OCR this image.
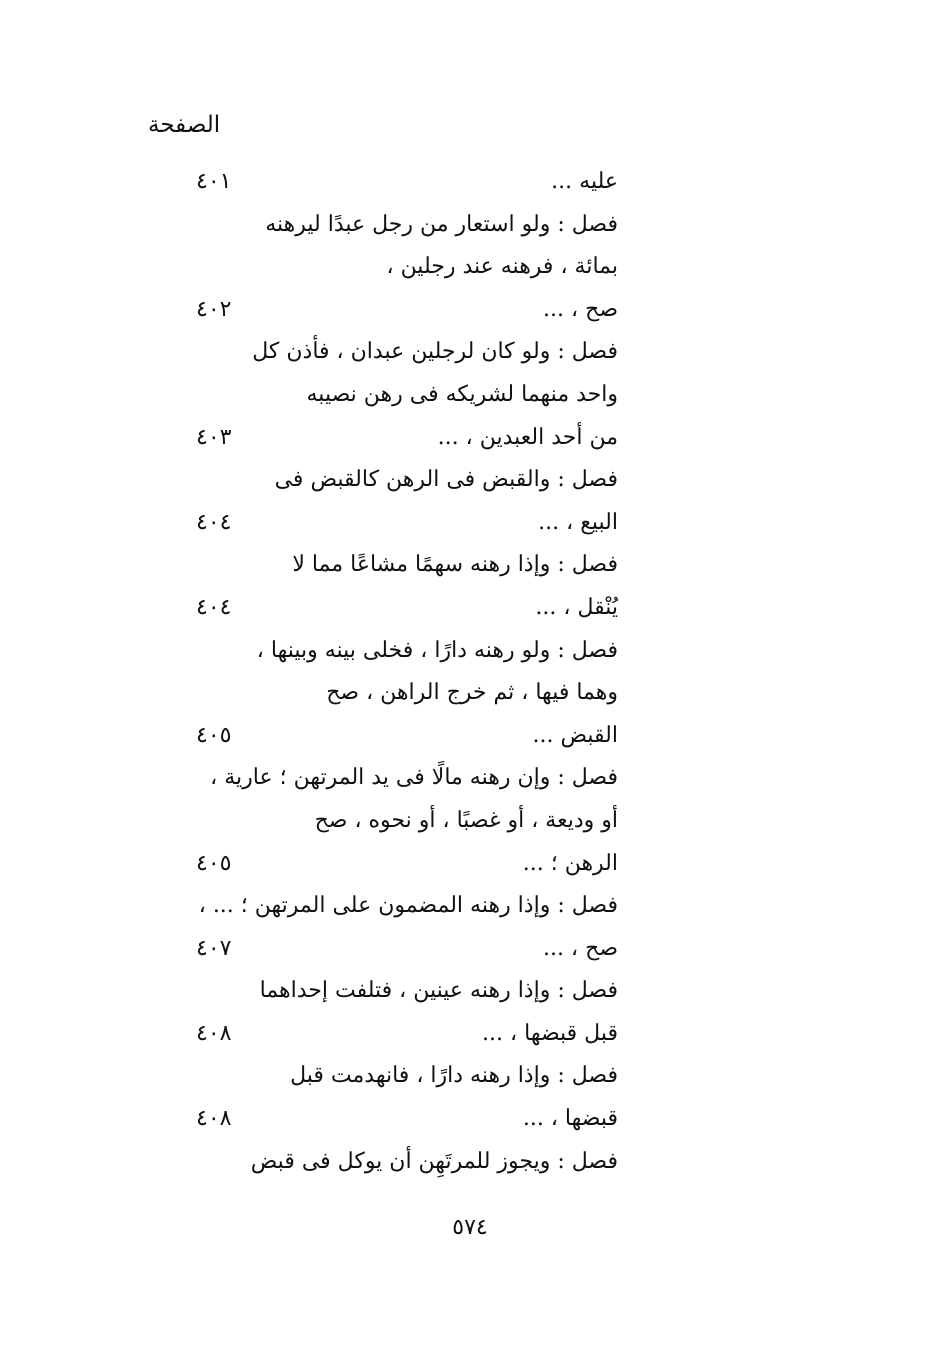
الصفحة
عليه ...
٤٠١
فصل : ولو استعار من رجل عبدًا ليرهنه
بمائة ، فرهنه عند رجلين ،
صح ، ...
٤٠٢
فصل : ولو كان لرجلين عبدان ، فأذن كل
واحد منهما لشريكه فى رهن نصيبه
من أحد العبدين ، ...
٤٠٣
فصل : والقبض فى الرهن كالقبض فى
البيع ، ...
٤٠٤
فصل : وإذا رهنه سهمًا مشاعًا مما لا
يُنْقل ، ...
٤٠٤
فصل : ولو رهنه دارًا ، فخلى بينه وبينها ،
وهما فيها ، ثم خرج الراهن ، صح
القبض ...
٤٠٥
فصل : وإن رهنه مالًا فى يد المرتهن ؛ عارية ،
أو وديعة ، أو غصبًا ، أو نحوه ، صح
الرهن ؛ ...
٤٠٥
فصل : وإذا رهنه المضمون على المرتهن ؛ ... ،
صح ، ...
٤٠٧
فصل : وإذا رهنه عينين ، فتلفت إحداهما
قبل قبضها ، ...
٤٠٨
فصل : وإذا رهنه دارًا ، فانهدمت قبل
قبضها ، ...
٤٠٨
فصل : ويجوز للمرتَهِن أن يوكل فى قبض
٥٧٤
